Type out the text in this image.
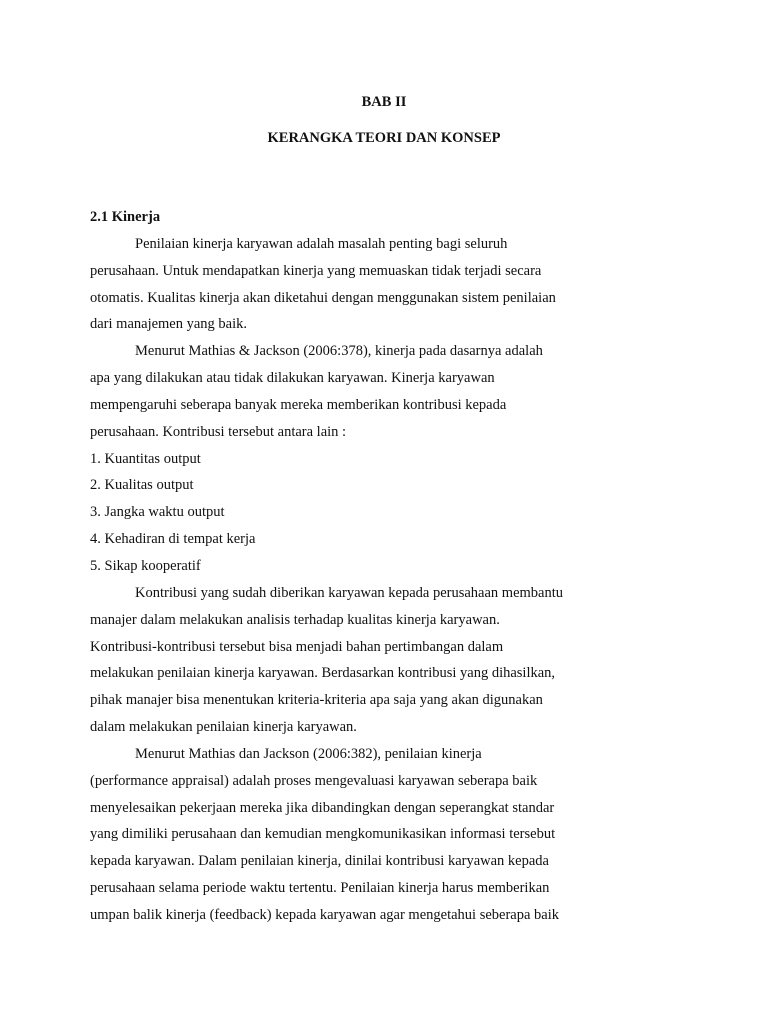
BAB II
KERANGKA TEORI DAN KONSEP
2.1 Kinerja
Penilaian kinerja karyawan adalah masalah penting bagi seluruh
perusahaan. Untuk mendapatkan kinerja yang memuaskan tidak terjadi secara
otomatis. Kualitas kinerja akan diketahui dengan menggunakan sistem penilaian
dari manajemen yang baik.
Menurut Mathias & Jackson (2006:378), kinerja pada dasarnya adalah
apa yang dilakukan atau tidak dilakukan karyawan. Kinerja karyawan
mempengaruhi seberapa banyak mereka memberikan kontribusi kepada
perusahaan. Kontribusi tersebut antara lain :
1. Kuantitas output
2. Kualitas output
3. Jangka waktu output
4. Kehadiran di tempat kerja
5. Sikap kooperatif
Kontribusi yang sudah diberikan karyawan kepada perusahaan membantu
manajer dalam melakukan analisis terhadap kualitas kinerja karyawan.
Kontribusi-kontribusi tersebut bisa menjadi bahan pertimbangan dalam
melakukan penilaian kinerja karyawan. Berdasarkan kontribusi yang dihasilkan,
pihak manajer bisa menentukan kriteria-kriteria apa saja yang akan digunakan
dalam melakukan penilaian kinerja karyawan.
Menurut Mathias dan Jackson (2006:382), penilaian kinerja
(performance appraisal) adalah proses mengevaluasi karyawan seberapa baik
menyelesaikan pekerjaan mereka jika dibandingkan dengan seperangkat standar
yang dimiliki perusahaan dan kemudian mengkomunikasikan informasi tersebut
kepada karyawan. Dalam penilaian kinerja, dinilai kontribusi karyawan kepada
perusahaan selama periode waktu tertentu. Penilaian kinerja harus memberikan
umpan balik kinerja (feedback) kepada karyawan agar mengetahui seberapa baik
